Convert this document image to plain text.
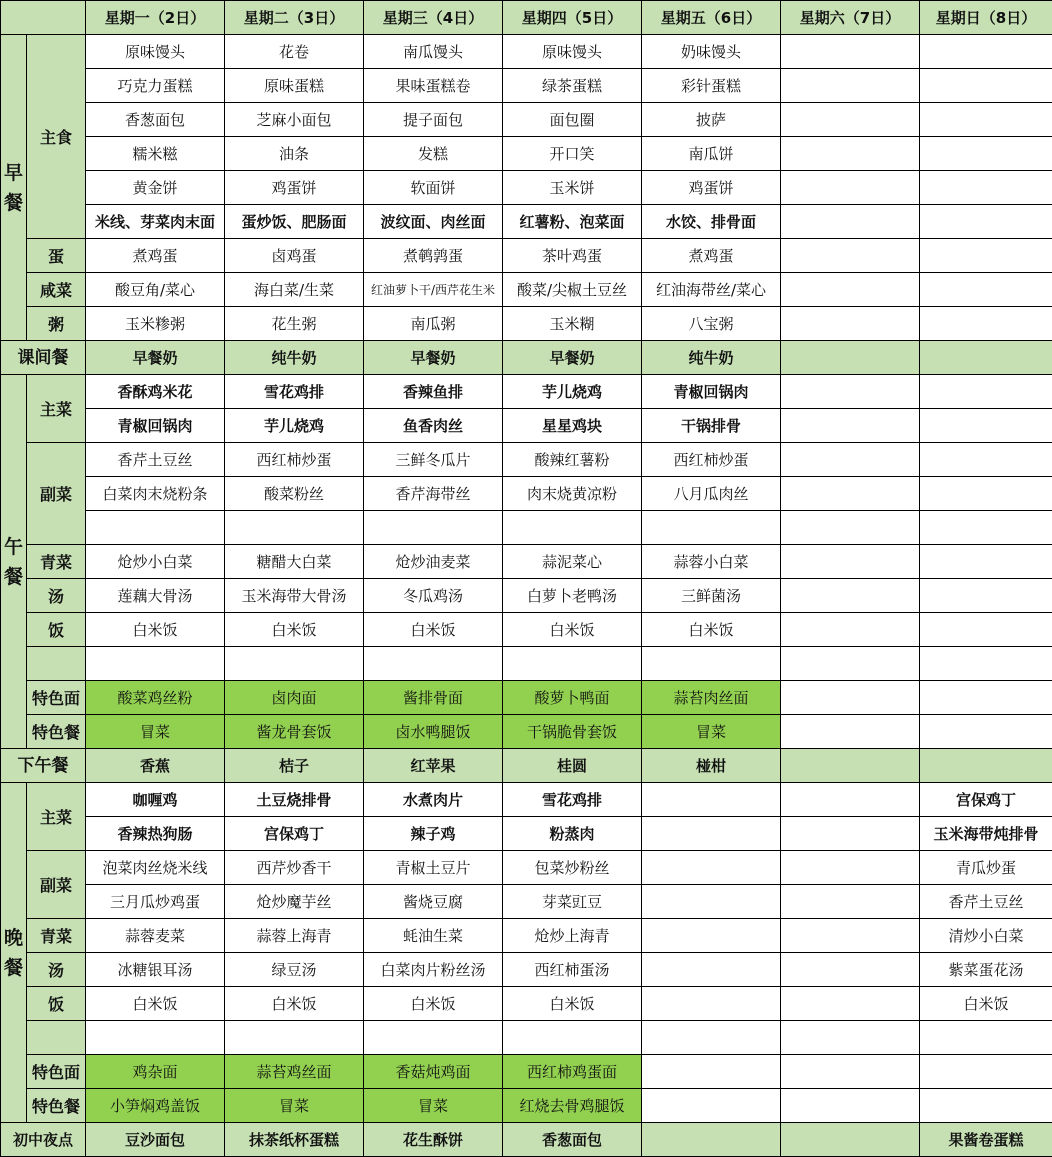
		星期一（2日）	星期二（3日）	星期三（4日）	星期四（5日）	星期五（6日）	星期六（7日）	星期日（8日）
早餐	主食	原味馒头	花卷	南瓜馒头	原味馒头	奶味馒头		
		巧克力蛋糕	原味蛋糕	果味蛋糕卷	绿茶蛋糕	彩针蛋糕		
		香葱面包	芝麻小面包	提子面包	面包圈	披萨		
		糯米糍	油条	发糕	开口笑	南瓜饼		
		黄金饼	鸡蛋饼	软面饼	玉米饼	鸡蛋饼		
		米线、芽菜肉末面	蛋炒饭、肥肠面	波纹面、肉丝面	红薯粉、泡菜面	水饺、排骨面		
	蛋	煮鸡蛋	卤鸡蛋	煮鹌鹑蛋	茶叶鸡蛋	煮鸡蛋		
	咸菜	酸豆角/菜心	海白菜/生菜	红油萝卜干/西芹花生米	酸菜/尖椒土豆丝	红油海带丝/菜心		
	粥	玉米糁粥	花生粥	南瓜粥	玉米糊	八宝粥		
课间餐		早餐奶	纯牛奶	早餐奶	早餐奶	纯牛奶		
午餐	主菜	香酥鸡米花	雪花鸡排	香辣鱼排	芋儿烧鸡	青椒回锅肉		
		青椒回锅肉	芋儿烧鸡	鱼香肉丝	星星鸡块	干锅排骨		
	副菜	香芹土豆丝	西红柿炒蛋	三鲜冬瓜片	酸辣红薯粉	西红柿炒蛋		
		白菜肉末烧粉条	酸菜粉丝	香芹海带丝	肉末烧黄凉粉	八月瓜肉丝		

	青菜	炝炒小白菜	糖醋大白菜	炝炒油麦菜	蒜泥菜心	蒜蓉小白菜		
	汤	莲藕大骨汤	玉米海带大骨汤	冬瓜鸡汤	白萝卜老鸭汤	三鲜菌汤		
	饭	白米饭	白米饭	白米饭	白米饭	白米饭		

	特色面	酸菜鸡丝粉	卤肉面	酱排骨面	酸萝卜鸭面	蒜苔肉丝面		
	特色餐	冒菜	酱龙骨套饭	卤水鸭腿饭	干锅脆骨套饭	冒菜		
下午餐		香蕉	桔子	红苹果	桂圆	椪柑		
晚餐	主菜	咖喱鸡	土豆烧排骨	水煮肉片	雪花鸡排			宫保鸡丁
		香辣热狗肠	宫保鸡丁	辣子鸡	粉蒸肉			玉米海带炖排骨
	副菜	泡菜肉丝烧米线	西芹炒香干	青椒土豆片	包菜炒粉丝			青瓜炒蛋
		三月瓜炒鸡蛋	炝炒魔芋丝	酱烧豆腐	芽菜豇豆			香芹土豆丝
	青菜	蒜蓉麦菜	蒜蓉上海青	蚝油生菜	炝炒上海青			清炒小白菜
	汤	冰糖银耳汤	绿豆汤	白菜肉片粉丝汤	西红柿蛋汤			紫菜蛋花汤
	饭	白米饭	白米饭	白米饭	白米饭			白米饭

	特色面	鸡杂面	蒜苔鸡丝面	香菇炖鸡面	西红柿鸡蛋面			
	特色餐	小笋焖鸡盖饭	冒菜	冒菜	红烧去骨鸡腿饭			
初中夜点		豆沙面包	抹茶纸杯蛋糕	花生酥饼	香葱面包			果酱卷蛋糕
